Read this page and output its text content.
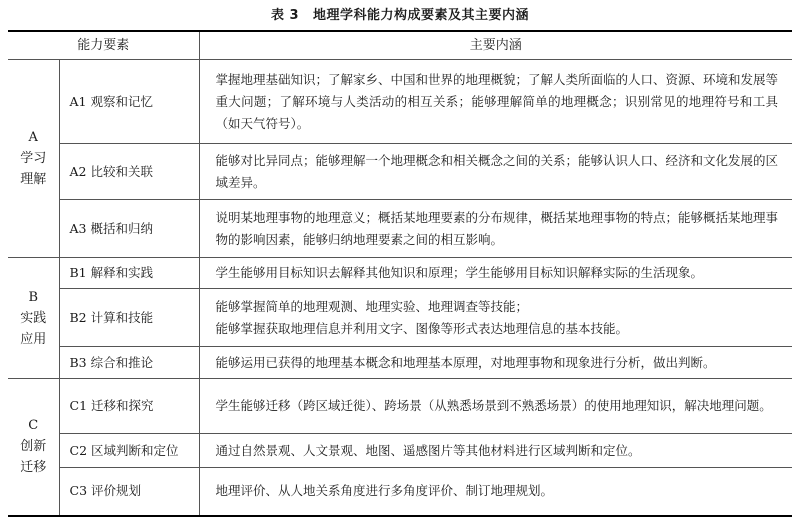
表 3 地理学科能力构成要素及其主要内涵
能力要素		主要内涵

A
学习
理解	A1 观察和记忆	掌握地理基础知识；了解家乡、中国和世界的地理概貌；了解人类所面临的人口、资源、环境和发展等重大问题；了解环境与人类活动的相互关系；能够理解简单的地理概念；识别常见的地理符号和工具（如天气符号）。
	A2 比较和关联	能够对比异同点；能够理解一个地理概念和相关概念之间的关系；能够认识人口、经济和文化发展的区域差异。
	A3 概括和归纳	说明某地理事物的地理意义；概括某地理要素的分布规律，概括某地理事物的特点；能够概括某地理事物的影响因素，能够归纳地理要素之间的相互影响。

B
实践
应用	B1 解释和实践	学生能够用目标知识去解释其他知识和原理；学生能够用目标知识解释实际的生活现象。
	B2 计算和技能	能够掌握简单的地理观测、地理实验、地理调查等技能；
能够掌握获取地理信息并利用文字、图像等形式表达地理信息的基本技能。

	B3 综合和推论	能够运用已获得的地理基本概念和地理基本原理，对地理事物和现象进行分析，做出判断。

C
创新
迁移	C1 迁移和探究	学生能够迁移（跨区域迁徙）、跨场景（从熟悉场景到不熟悉场景）的使用地理知识，解决地理问题。
	C2 区域判断和定位	通过自然景观、人文景观、地图、遥感图片等其他材料进行区域判断和定位。
	C3 评价规划	地理评价、从人地关系角度进行多角度评价、制订地理规划。
